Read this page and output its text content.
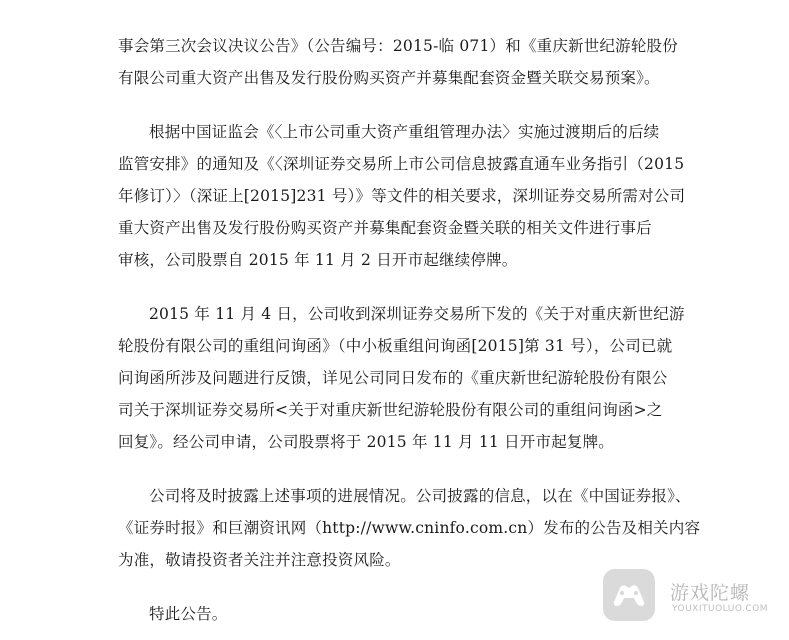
事会第三次会议决议公告》（公告编号：2015-临 071）和《重庆新世纪游轮股份
有限公司重大资产出售及发行股份购买资产并募集配套资金暨关联交易预案》。
根据中国证监会《〈上市公司重大资产重组管理办法〉实施过渡期后的后续
监管安排》的通知及《〈深圳证券交易所上市公司信息披露直通车业务指引（2015
年修订）〉（深证上[2015]231 号）》等文件的相关要求，深圳证券交易所需对公司
重大资产出售及发行股份购买资产并募集配套资金暨关联的相关文件进行事后
审核，公司股票自 2015 年 11 月 2 日开市起继续停牌。
2015 年 11 月 4 日，公司收到深圳证券交易所下发的《关于对重庆新世纪游
轮股份有限公司的重组问询函》（中小板重组问询函[2015]第 31 号），公司已就
问询函所涉及问题进行反馈，详见公司同日发布的《重庆新世纪游轮股份有限公
司关于深圳证券交易所<关于对重庆新世纪游轮股份有限公司的重组问询函>之
回复》。经公司申请，公司股票将于 2015 年 11 月 11 日开市起复牌。
公司将及时披露上述事项的进展情况。公司披露的信息，以在《中国证券报》、
《证券时报》和巨潮资讯网（http://www.cninfo.com.cn）发布的公告及相关内容
为准，敬请投资者关注并注意投资风险。
特此公告。
游戏陀螺
YOUXITUOLUO.COM
